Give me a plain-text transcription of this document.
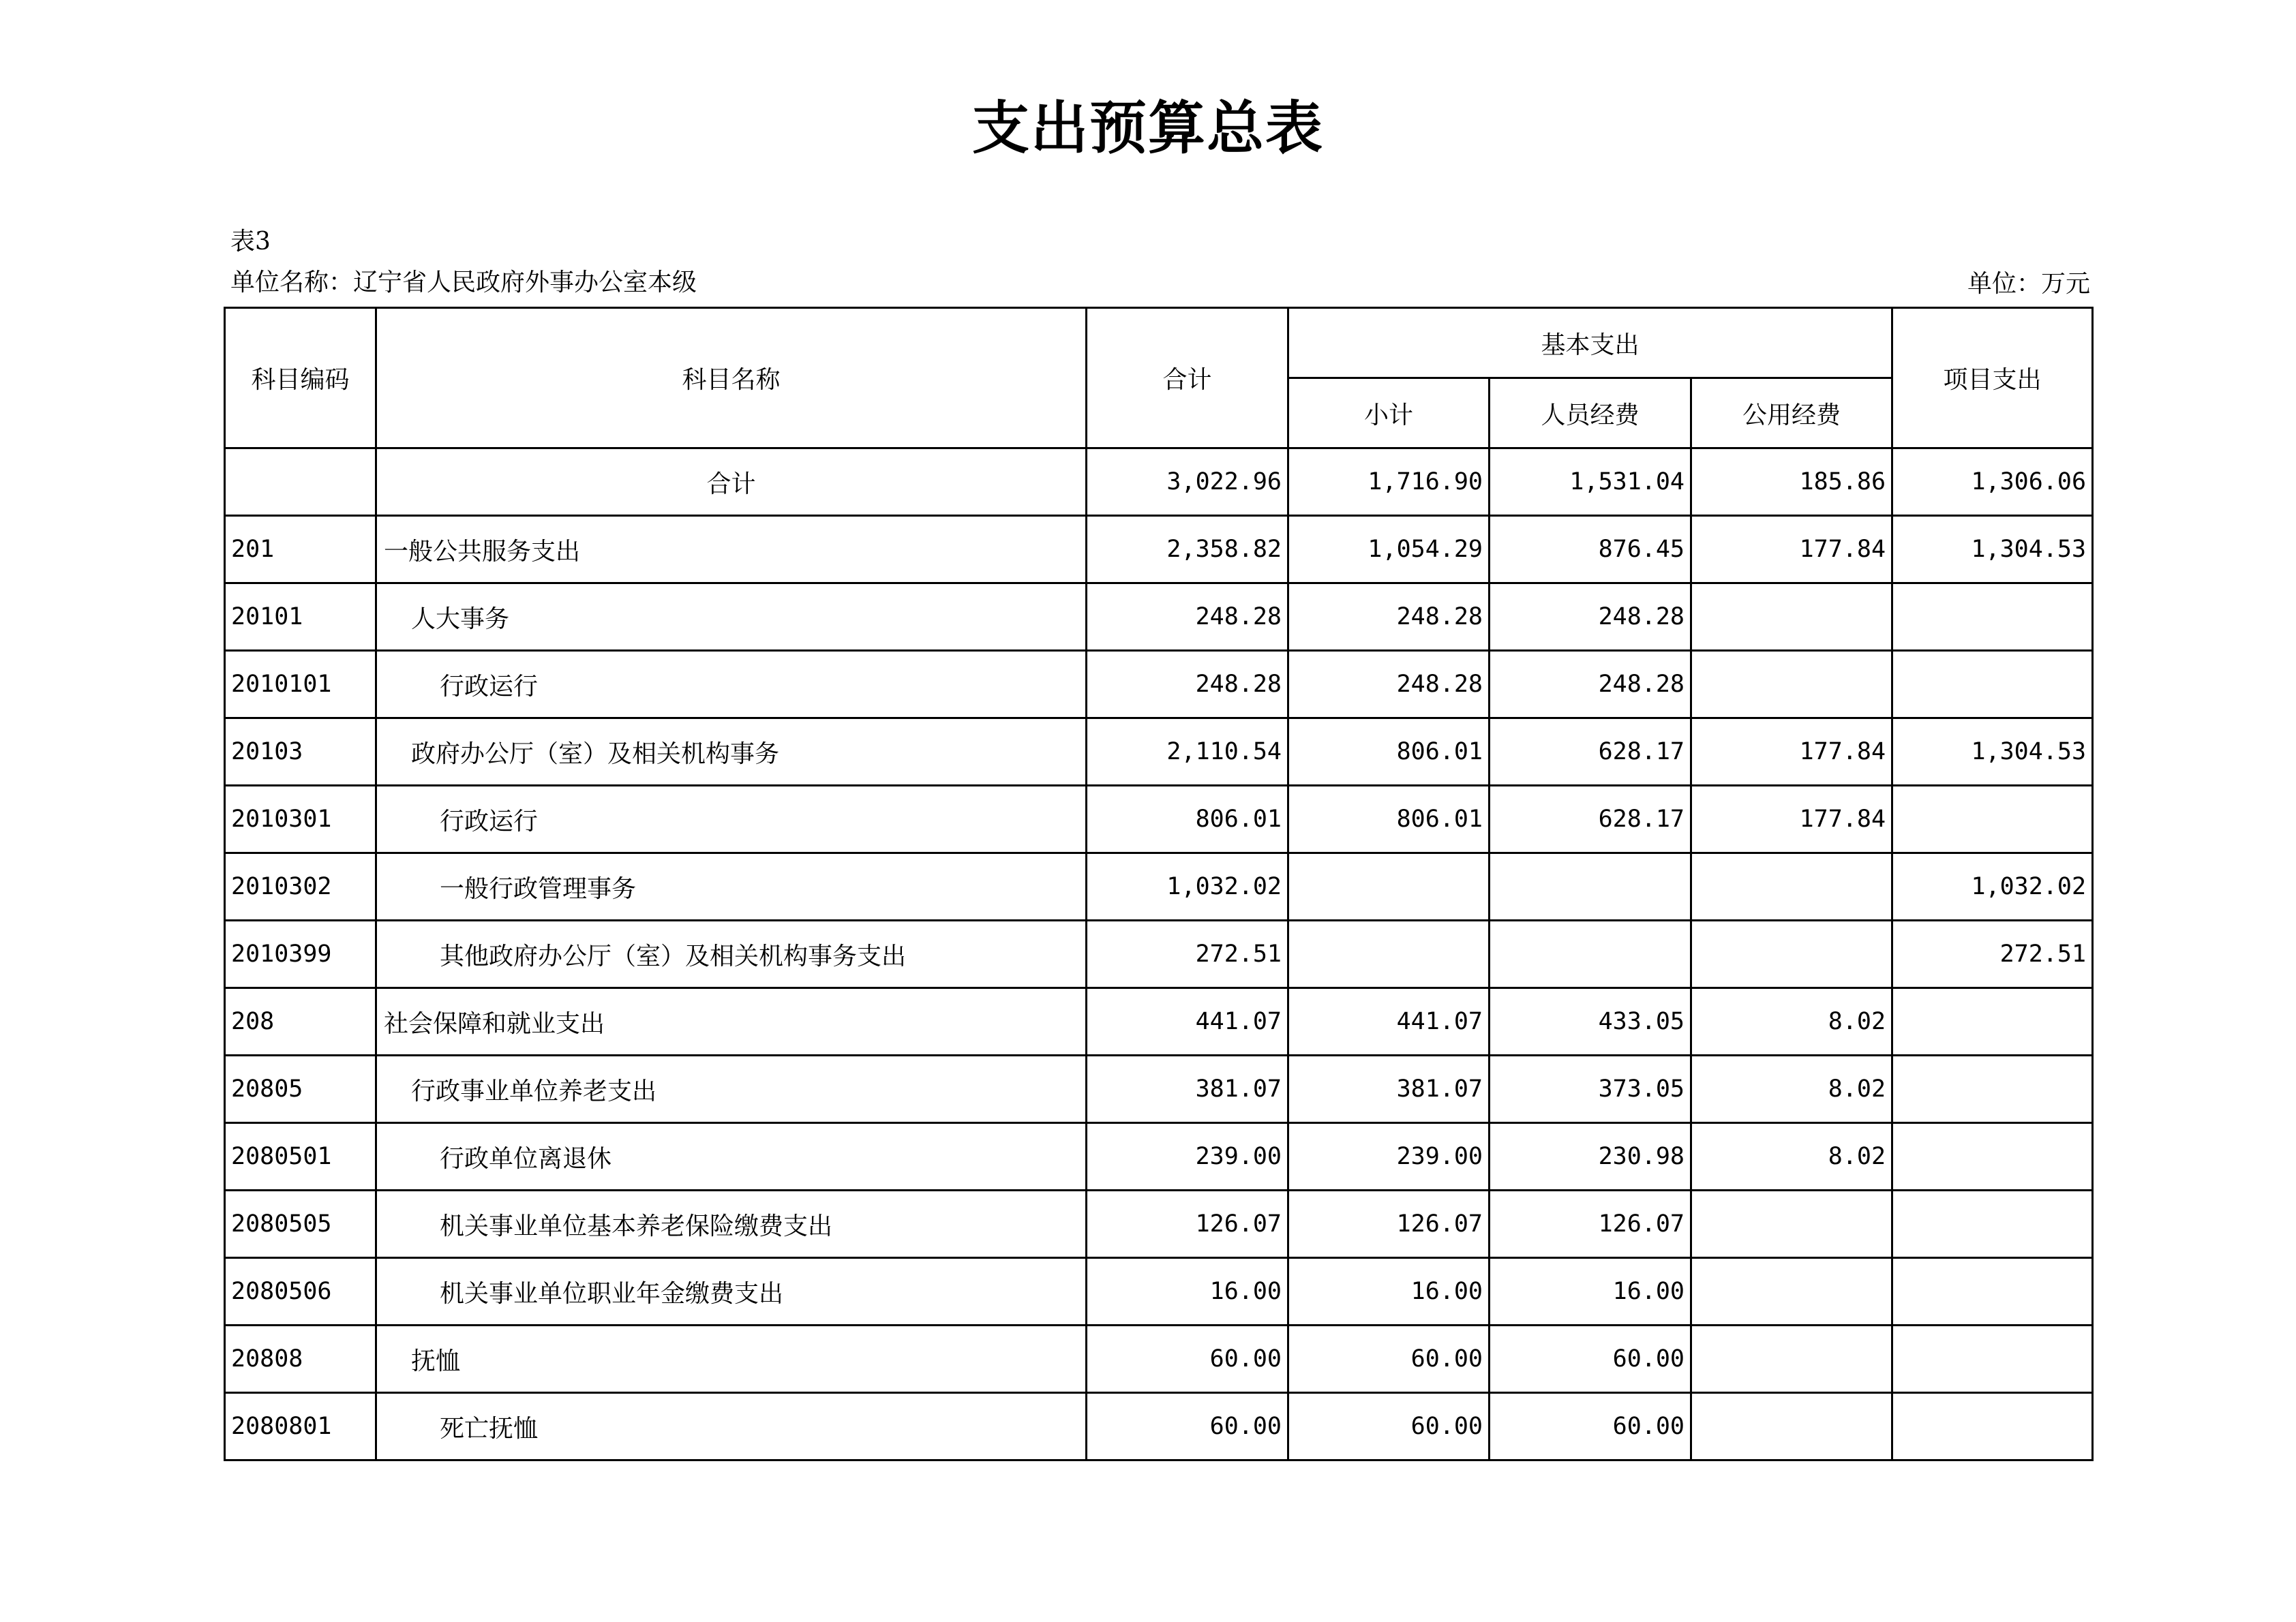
支出预算总表
表3
单位名称：辽宁省人民政府外事办公室本级	单位：万元
科目编码	科目名称	合计	基本支出			项目支出
			小计	人员经费	公用经费	
	合计	3,022.96	1,716.90	1,531.04	185.86	1,306.06
201	一般公共服务支出	2,358.82	1,054.29	876.45	177.84	1,304.53
20101	人大事务	248.28	248.28	248.28		
2010101	行政运行	248.28	248.28	248.28		
20103	政府办公厅（室）及相关机构事务	2,110.54	806.01	628.17	177.84	1,304.53
2010301	行政运行	806.01	806.01	628.17	177.84	
2010302	一般行政管理事务	1,032.02				1,032.02
2010399	其他政府办公厅（室）及相关机构事务支出	272.51				272.51
208	社会保障和就业支出	441.07	441.07	433.05	8.02	
20805	行政事业单位养老支出	381.07	381.07	373.05	8.02	
2080501	行政单位离退休	239.00	239.00	230.98	8.02	
2080505	机关事业单位基本养老保险缴费支出	126.07	126.07	126.07		
2080506	机关事业单位职业年金缴费支出	16.00	16.00	16.00		
20808	抚恤	60.00	60.00	60.00		
2080801	死亡抚恤	60.00	60.00	60.00		
